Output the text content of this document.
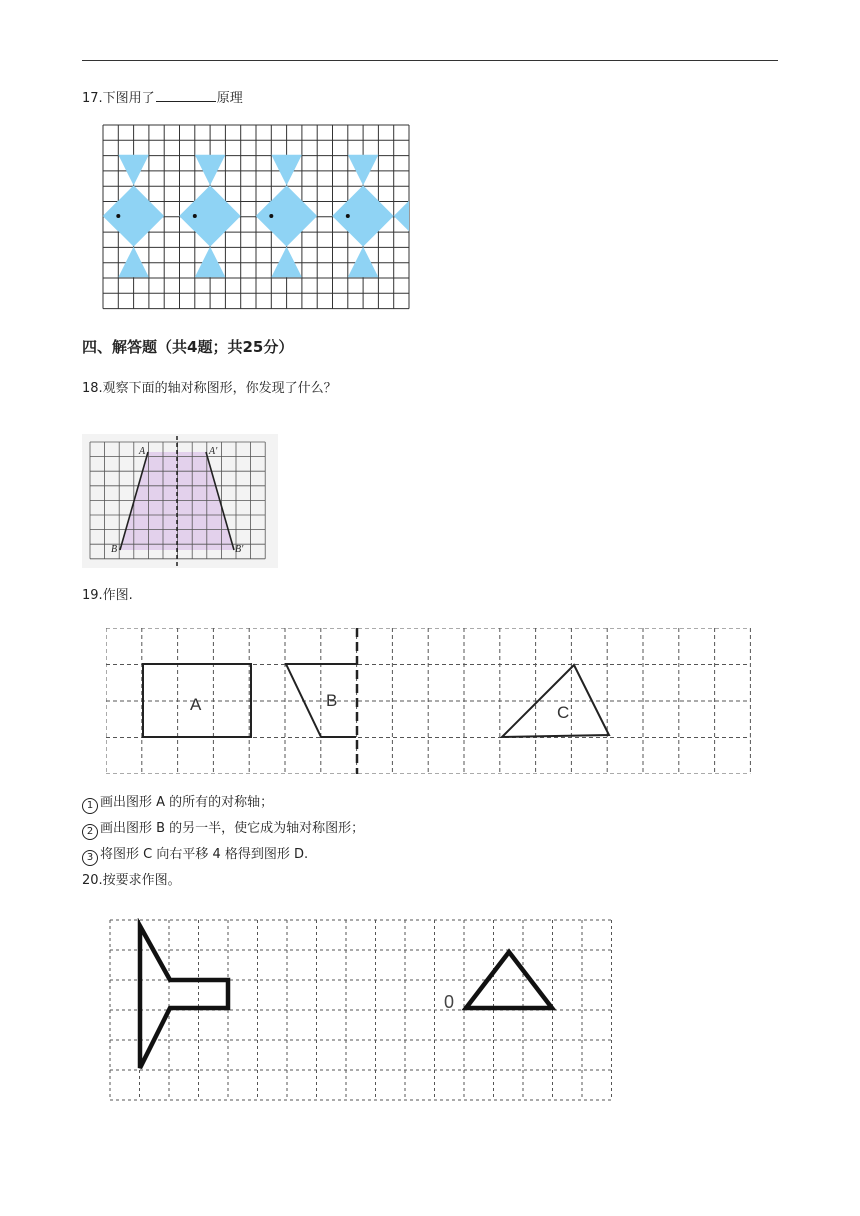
17.下图用了	原理
四、解答题（共4题；共25分）
18.观察下面的轴对称图形，你发现了什么？
A	A'
B	B'
19.作图.
A	B
C
1 画出图形 A 的所有的对称轴；
2 画出图形 B 的另一半，使它成为轴对称图形；
3 将图形 C 向右平移 4 格得到图形 D.
20.按要求作图。
0
